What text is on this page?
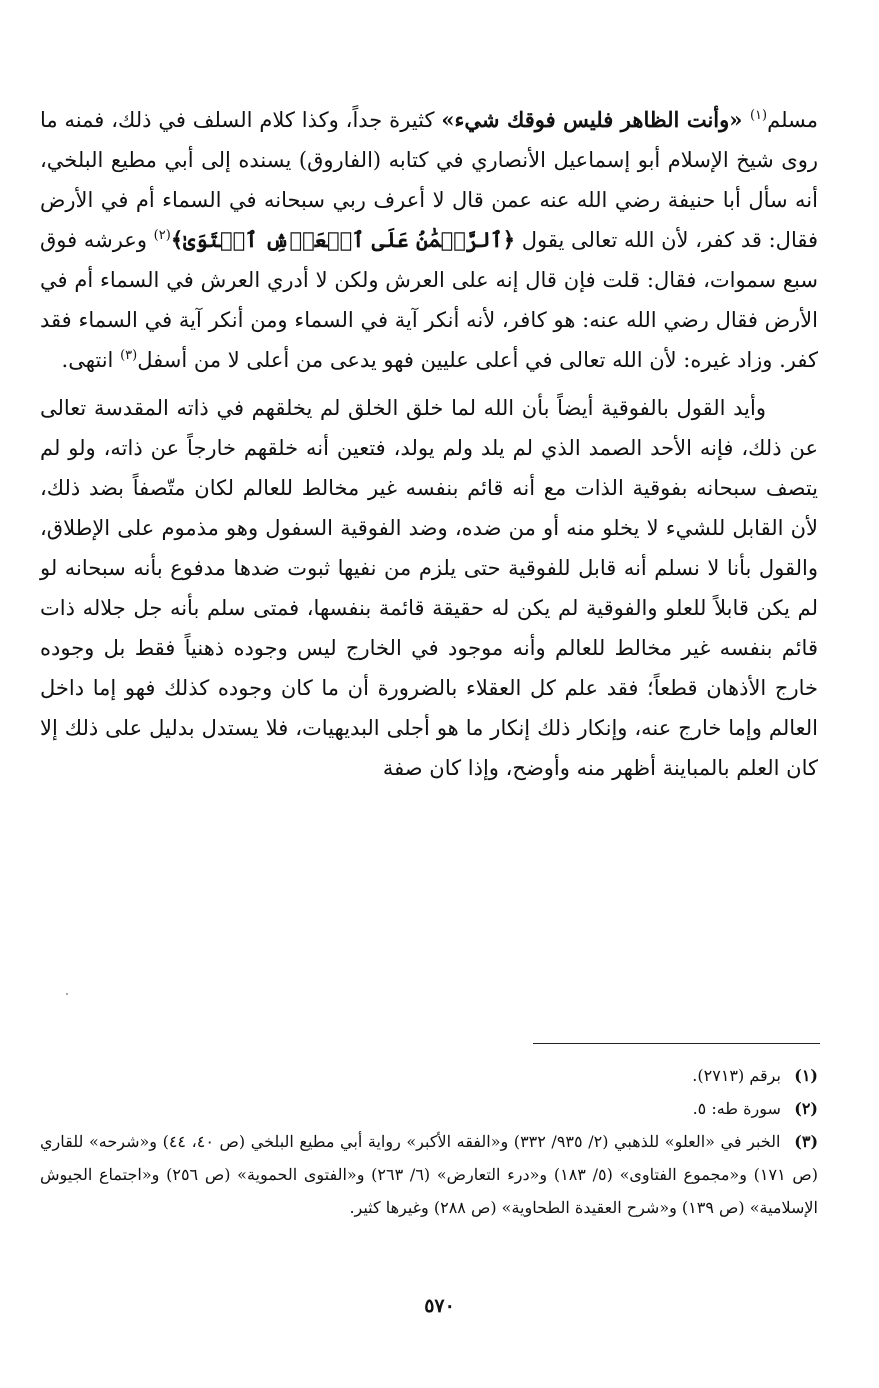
مسلم$^{(١)}$ «وأنت الظاهر فليس فوقك شيء» كثيرة جداً، وكذا كلام السلف في ذلك، فمنه ما روى شيخ الإسلام أبو إسماعيل الأنصاري في كتابه (الفاروق) يسنده إلى أبي مطيع البلخي، أنه سأل أبا حنيفة رضي الله عنه عمن قال لا أعرف ربي سبحانه في السماء أم في الأرض فقال: قد كفر، لأن الله تعالى يقول ﴿ٱلرَّحۡمَٰنُ عَلَى ٱلۡعَرۡشِ ٱسۡتَوَىٰ﴾$^{(٢)}$ وعرشه فوق سبع سموات، فقال: قلت فإن قال إنه على العرش ولكن لا أدري العرش في السماء أم في الأرض فقال رضي الله عنه: هو كافر، لأنه أنكر آية في السماء ومن أنكر آية في السماء فقد كفر. وزاد غيره: لأن الله تعالى في أعلى عليين فهو يدعى من أعلى لا من أسفل$^{(٣)}$ انتهى.

وأيد القول بالفوقية أيضاً بأن الله لما خلق الخلق لم يخلقهم في ذاته المقدسة تعالى عن ذلك، فإنه الأحد الصمد الذي لم يلد ولم يولد، فتعين أنه خلقهم خارجاً عن ذاته، ولو لم يتصف سبحانه بفوقية الذات مع أنه قائم بنفسه غير مخالط للعالم لكان متّصفاً بضد ذلك، لأن القابل للشيء لا يخلو منه أو من ضده، وضد الفوقية السفول وهو مذموم على الإطلاق، والقول بأنا لا نسلم أنه قابل للفوقية حتى يلزم من نفيها ثبوت ضدها مدفوع بأنه سبحانه لو لم يكن قابلاً للعلو والفوقية لم يكن له حقيقة قائمة بنفسها، فمتى سلم بأنه جل جلاله ذات قائم بنفسه غير مخالط للعالم وأنه موجود في الخارج ليس وجوده ذهنياً فقط بل وجوده خارج الأذهان قطعاً؛ فقد علم كل العقلاء بالضرورة أن ما كان وجوده كذلك فهو إما داخل العالم وإما خارج عنه، وإنكار ذلك إنكار ما هو أجلى البديهيات، فلا يستدل بدليل على ذلك إلا كان العلم بالمباينة أظهر منه وأوضح، وإذا كان صفة

(١) برقم (٢٧١٣).

(٢) سورة طه: ٥.

(٣) الخبر في «العلو» للذهبي (٢/ ٩٣٥/ ٣٣٢) و«الفقه الأكبر» رواية أبي مطيع البلخي (ص ٤٠، ٤٤) و«شرحه» للقاري (ص ١٧١) و«مجموع الفتاوى» (٥/ ١٨٣) و«درء التعارض» (٦/ ٢٦٣) و«الفتوى الحموية» (ص ٢٥٦) و«اجتماع الجيوش الإسلامية» (ص ١٣٩) و«شرح العقيدة الطحاوية» (ص ٢٨٨) وغيرها كثير.

٥٧٠
